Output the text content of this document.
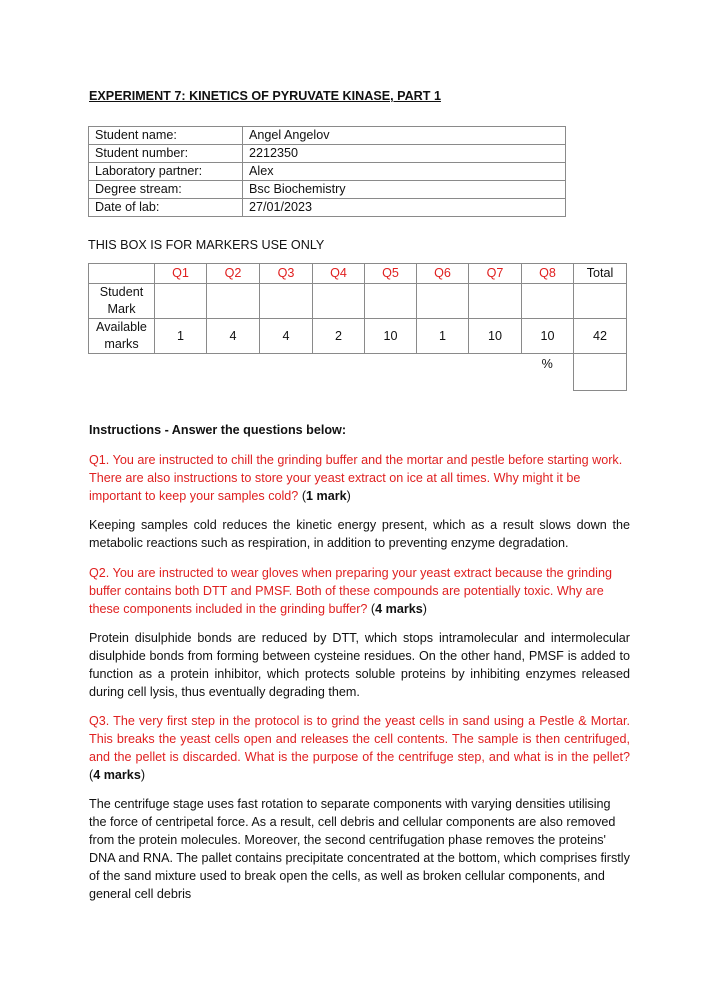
EXPERIMENT 7: KINETICS OF PYRUVATE KINASE, PART 1
Student name:	Angel Angelov
Student number:	2212350
Laboratory partner:	Alex
Degree stream:	Bsc Biochemistry
Date of lab:	27/01/2023
THIS BOX IS FOR MARKERS USE ONLY
	Q1	Q2	Q3	Q4	Q5	Q6	Q7	Q8	Total
Student Mark									
Available marks	1	4	4	2	10	1	10	10	42
								%	
Instructions - Answer the questions below:
Q1. You are instructed to chill the grinding buffer and the mortar and pestle before starting work. There are also instructions to store your yeast extract on ice at all times. Why might it be important to keep your samples cold? (1 mark)
Keeping samples cold reduces the kinetic energy present, which as a result slows down the metabolic reactions such as respiration, in addition to preventing enzyme degradation.
Q2. You are instructed to wear gloves when preparing your yeast extract because the grinding buffer contains both DTT and PMSF. Both of these compounds are potentially toxic. Why are these components included in the grinding buffer? (4 marks)
Protein disulphide bonds are reduced by DTT, which stops intramolecular and intermolecular disulphide bonds from forming between cysteine residues. On the other hand, PMSF is added to function as a protein inhibitor, which protects soluble proteins by inhibiting enzymes released during cell lysis, thus eventually degrading them.
Q3. The very first step in the protocol is to grind the yeast cells in sand using a Pestle & Mortar. This breaks the yeast cells open and releases the cell contents. The sample is then centrifuged, and the pellet is discarded. What is the purpose of the centrifuge step, and what is in the pellet? (4 marks)
The centrifuge stage uses fast rotation to separate components with varying densities utilising the force of centripetal force. As a result, cell debris and cellular components are also removed from the protein molecules. Moreover, the second centrifugation phase removes the proteins' DNA and RNA. The pallet contains precipitate concentrated at the bottom, which comprises firstly of the sand mixture used to break open the cells, as well as broken cellular components, and general cell debris
